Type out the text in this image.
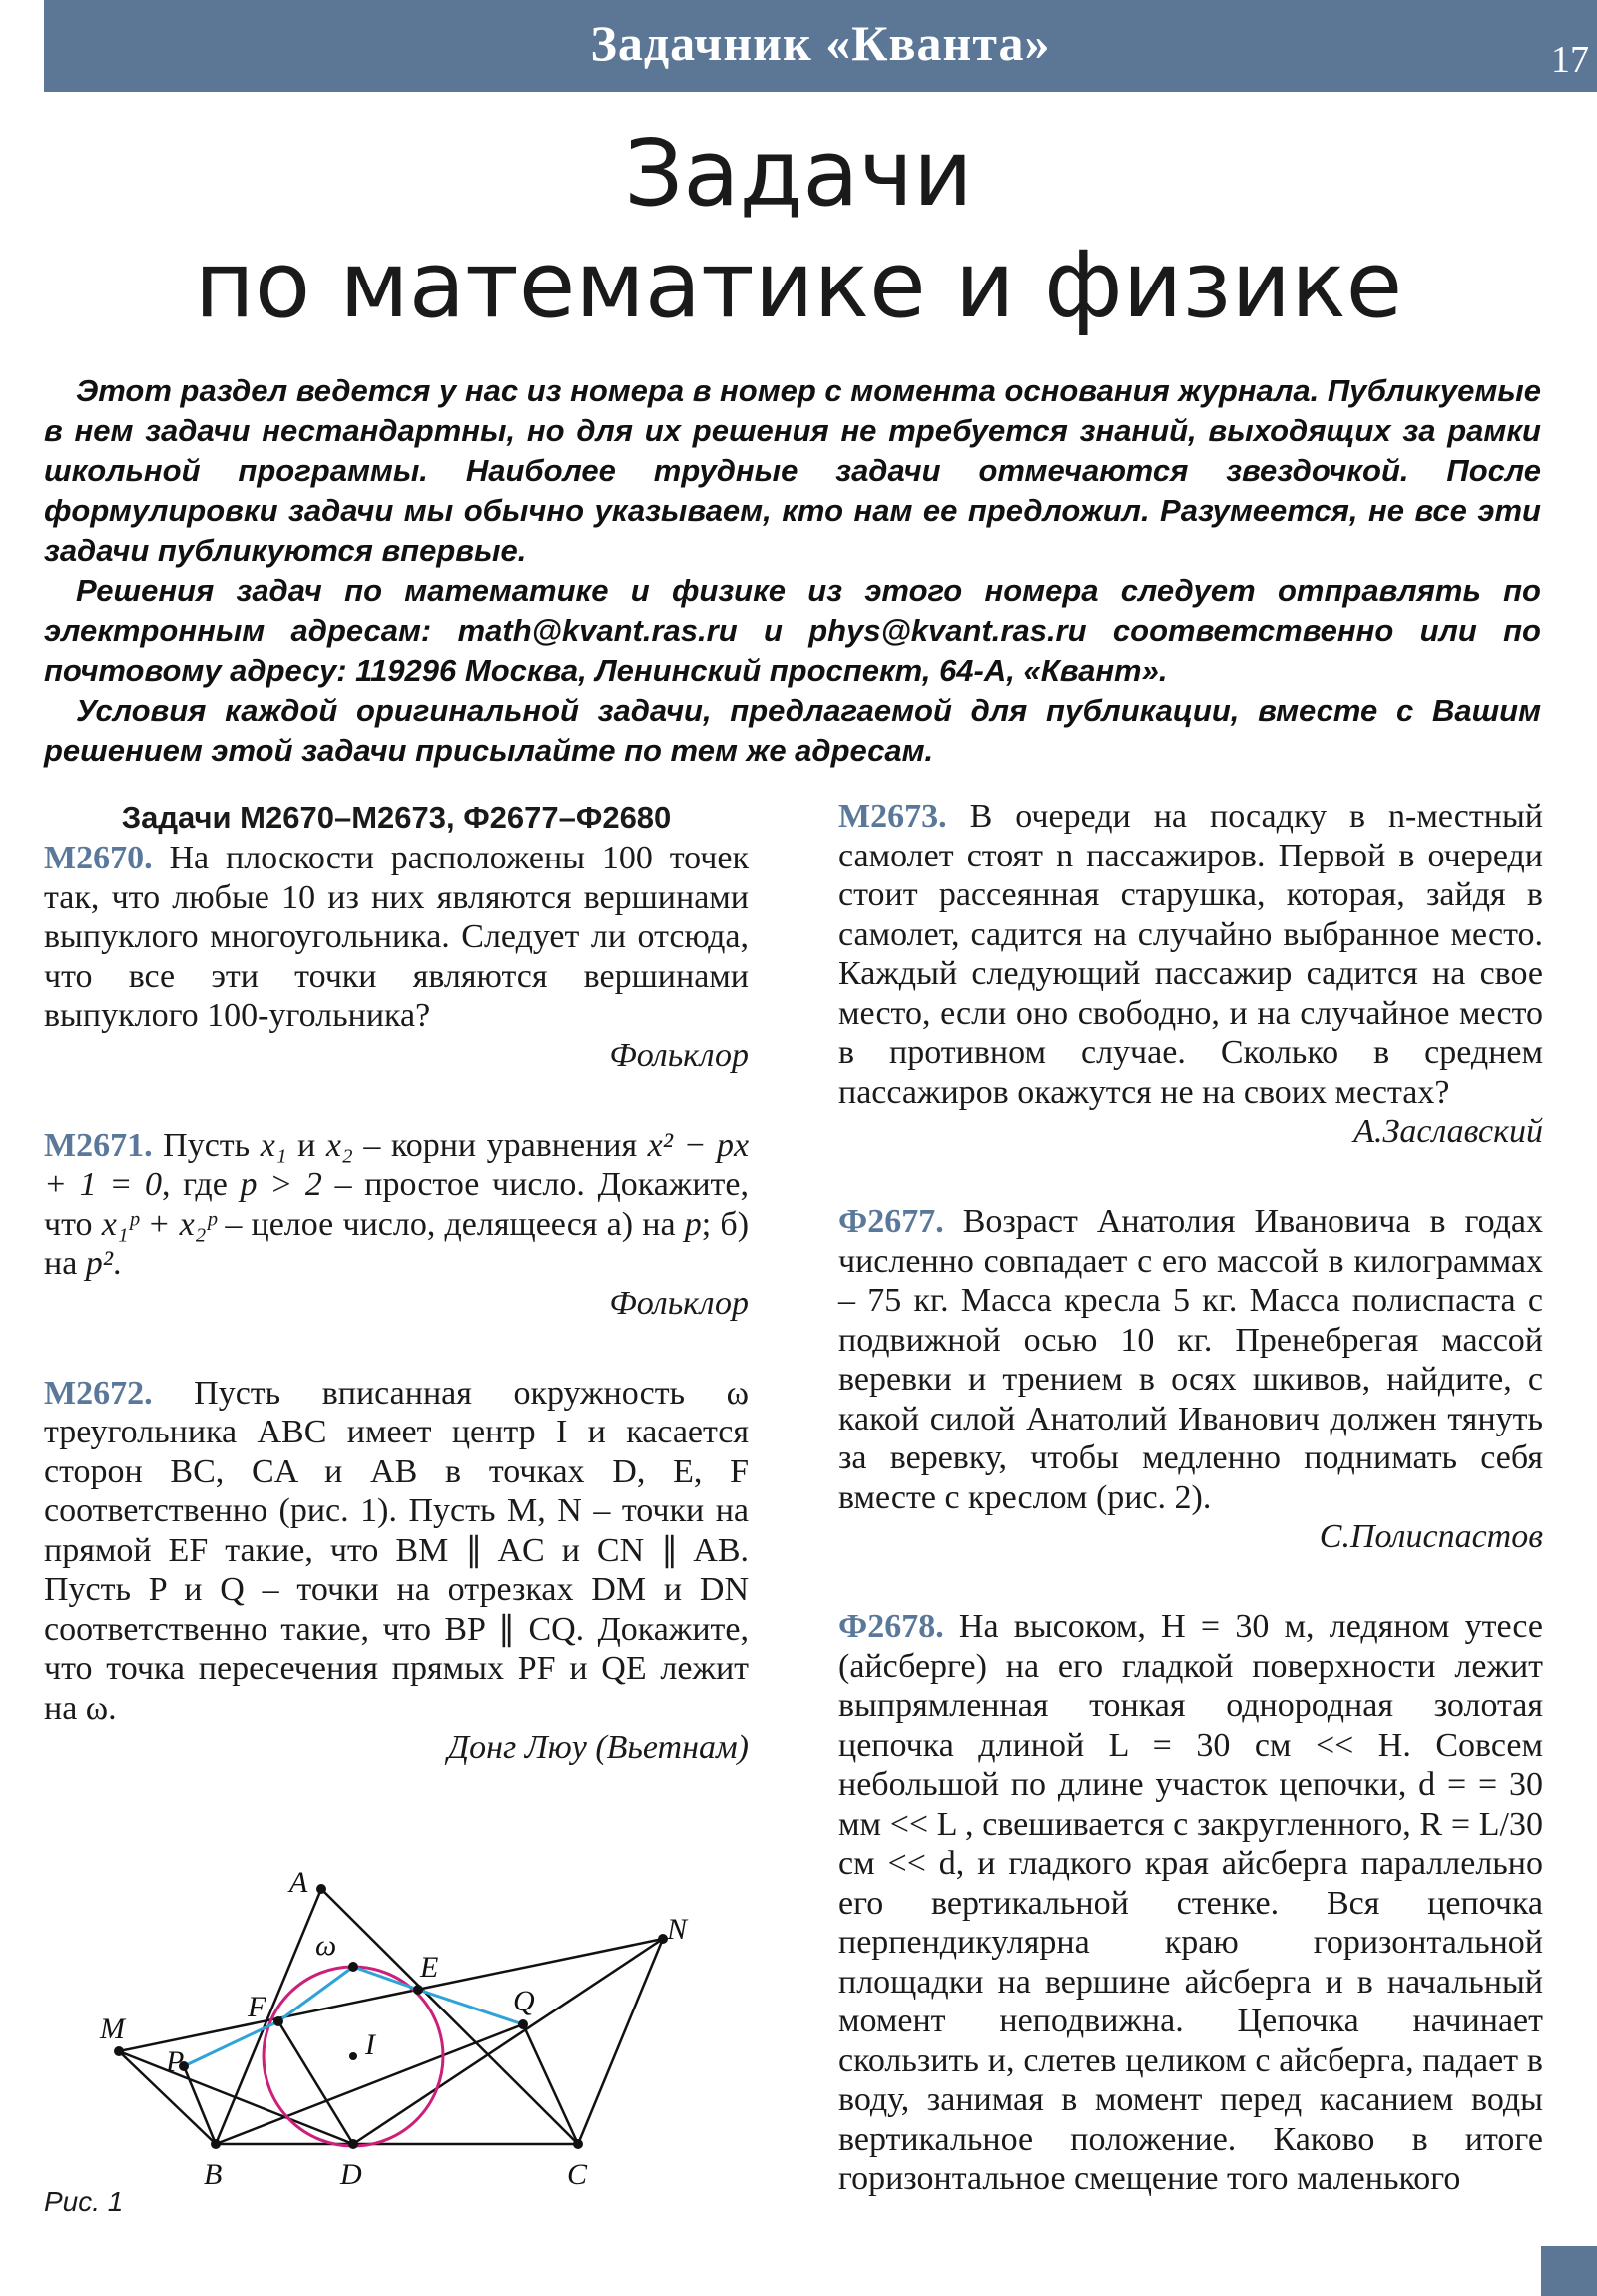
Задачник «Кванта»	17
Задачи
по математике и физике

Этот раздел ведется у нас из номера в номер с момента основания журнала. Публикуемые в нем задачи нестандартны, но для их решения не требуется знаний, выходящих за рамки школьной программы. Наиболее трудные задачи отмечаются звездочкой. После формулировки задачи мы обычно указываем, кто нам ее предложил. Разумеется, не все эти задачи публикуются впервые.

Решения задач по математике и физике из этого номера следует отправлять по электронным адресам: math@kvant.ras.ru и phys@kvant.ras.ru соответственно или по почтовому адресу: 119296 Москва, Ленинский проспект, 64-А, «Квант».

Условия каждой оригинальной задачи, предлагаемой для публикации, вместе с Вашим решением этой задачи присылайте по тем же адресам.

Задачи М2670–М2673, Ф2677–Ф2680

М2670. На плоскости расположены 100 точек так, что любые 10 из них являются вершинами выпуклого многоугольника. Следует ли отсюда, что все эти точки являются вершинами выпуклого 100-угольника?

Фольклор

М2671. Пусть x₁ и x₂ – корни уравнения x² − px + 1 = 0, где p > 2 – простое число. Докажите, что x₁ᵖ + x₂ᵖ – целое число, делящееся а) на p; б) на p².

Фольклор

М2672. Пусть вписанная окружность ω треугольника ABC имеет центр I и касается сторон BC, CA и AB в точках D, E, F соответственно (рис. 1). Пусть M, N – точки на прямой EF такие, что BM ∥ AC и CN ∥ AB. Пусть P и Q – точки на отрезках DM и DN соответственно такие, что BP ∥ CQ. Докажите, что точка пересечения прямых PF и QE лежит на ω.

Донг Люу (Вьетнам)

A
B	C
D
E
F
I
M
N
P
Q
ω
Рис. 1
М2673. В очереди на посадку в n-местный самолет стоят n пассажиров. Первой в очереди стоит рассеянная старушка, которая, зайдя в самолет, садится на случайно выбранное место. Каждый следующий пассажир садится на свое место, если оно свободно, и на случайное место в противном случае. Сколько в среднем пассажиров окажутся не на своих местах?

А.Заславский

Ф2677. Возраст Анатолия Ивановича в годах численно совпадает с его массой в килограммах – 75 кг. Масса кресла 5 кг. Масса полиспаста с подвижной осью 10 кг. Пренебрегая массой веревки и трением в осях шкивов, найдите, с какой силой Анатолий Иванович должен тянуть за веревку, чтобы медленно поднимать себя вместе с креслом (рис. 2).

С.Полиспастов

Ф2678. На высоком, H = 30 м, ледяном утесе (айсберге) на его гладкой поверхности лежит выпрямленная тонкая однородная золотая цепочка длиной L = 30 см << H. Совсем небольшой по длине участок цепочки, d = = 30 мм << L , свешивается с закругленного, R = L/30 см << d, и гладкого края айсберга параллельно его вертикальной стенке. Вся цепочка перпендикулярна краю горизонтальной площадки на вершине айсберга и в начальный момент неподвижна. Цепочка начинает скользить и, слетев целиком с айсберга, падает в воду, занимая в момент перед касанием воды вертикальное положение. Каково в итоге горизонтальное смещение того маленького
